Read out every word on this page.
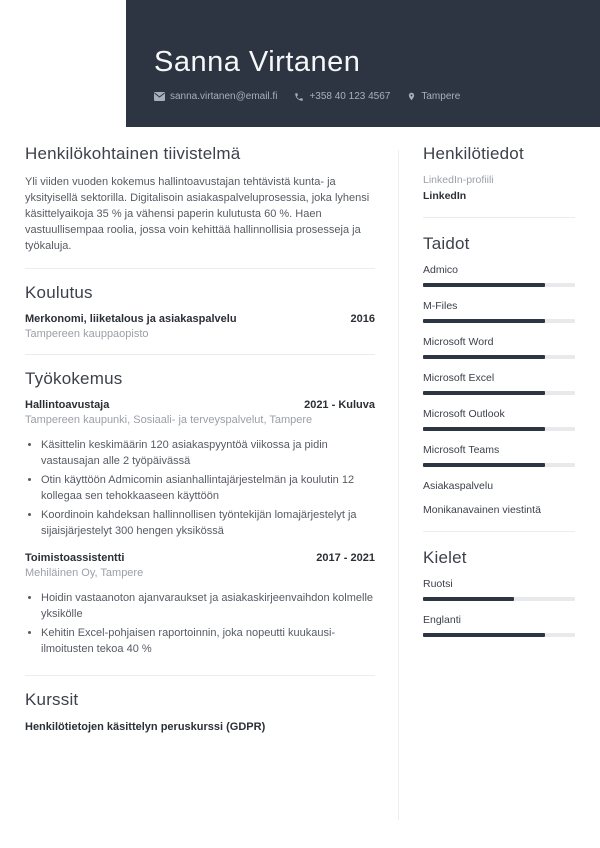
Sanna Virtanen
sanna.virtanen@email.fi	+358 40 123 4567	Tampere
Henkilökohtainen tiivistelmä

Yli viiden vuoden kokemus hallintoavustajan tehtävistä kunta- ja yksityisellä sektorilla. Digitalisoin asiakaspalveluprosessia, joka lyhensi käsittelyaikoja 35 % ja vähensi paperin kulutusta 60 %. Haen vastuullisempaa roolia, jossa voin kehittää hallinnollisia prosesseja ja työkaluja.

Koulutus
Merkonomi, liiketalous ja asiakaspalvelu	2016
Tampereen kauppaopisto
Työkokemus
Hallintoavustaja	2021 - Kuluva
Tampereen kaupunki, Sosiaali- ja terveyspalvelut, Tampere
• Käsittelin keskimäärin 120 asiakaspyyntöä viikossa ja pidin vastausajan alle 2 työpäivässä
• Otin käyttöön Admicomin asianhallintajärjestelmän ja koulutin 12 kollegaa sen tehokkaaseen käyttöön
• Koordinoin kahdeksan hallinnollisen työntekijän lomajärjestelyt ja sijaisjärjestelyt 300 hengen yksikössä
Toimistoassistentti	2017 - 2021
Mehiläinen Oy, Tampere
• Hoidin vastaanoton ajanvaraukset ja asiakaskirjeenvaihdon kolmelle yksikölle
• Kehitin Excel-pohjaisen raportoinnin, joka nopeutti kuukausi-ilmoitusten tekoa 40 %
Kurssit
Henkilötietojen käsittelyn peruskurssi (GDPR)
Henkilötiedot
LinkedIn-profiili
LinkedIn
Taidot
Admico
M-Files
Microsoft Word
Microsoft Excel
Microsoft Outlook
Microsoft Teams
Asiakaspalvelu
Monikanavainen viestintä
Kielet
Ruotsi
Englanti
